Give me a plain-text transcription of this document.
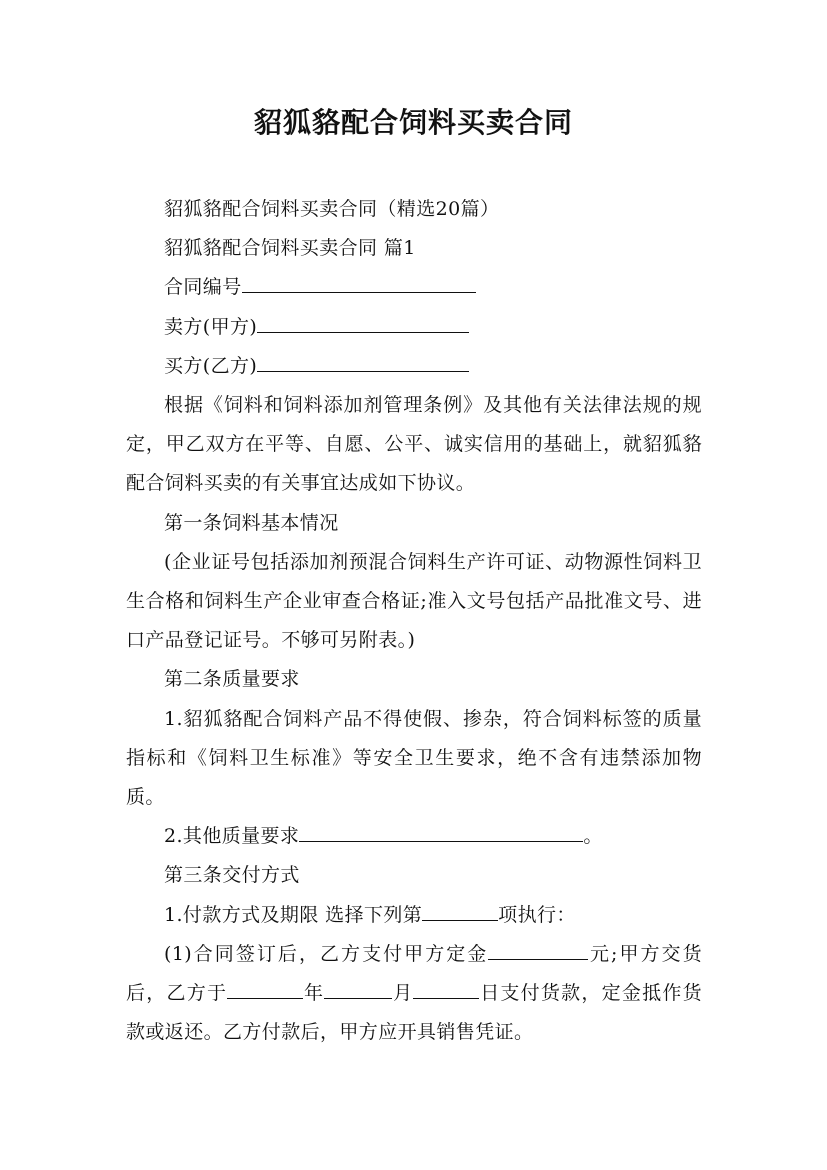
貂狐貉配合饲料买卖合同

貂狐貉配合饲料买卖合同（精选20篇）

貂狐貉配合饲料买卖合同 篇1

合同编号

卖方(甲方)

买方(乙方)

根据《饲料和饲料添加剂管理条例》及其他有关法律法规的规定，甲乙双方在平等、自愿、公平、诚实信用的基础上，就貂狐貉配合饲料买卖的有关事宜达成如下协议。

第一条饲料基本情况

(企业证号包括添加剂预混合饲料生产许可证、动物源性饲料卫生合格和饲料生产企业审查合格证;准入文号包括产品批准文号、进口产品登记证号。不够可另附表。)

第二条质量要求

1.貂狐貉配合饲料产品不得使假、掺杂，符合饲料标签的质量指标和《饲料卫生标准》等安全卫生要求，绝不含有违禁添加物质。

2.其他质量要求	。

第三条交付方式

1.付款方式及期限 选择下列第	项执行：

(1)合同签订后，乙方支付甲方定金	元;甲方交货后，乙方于	年	月	日支付货款，定金抵作货款或返还。乙方付款后，甲方应开具销售凭证。
